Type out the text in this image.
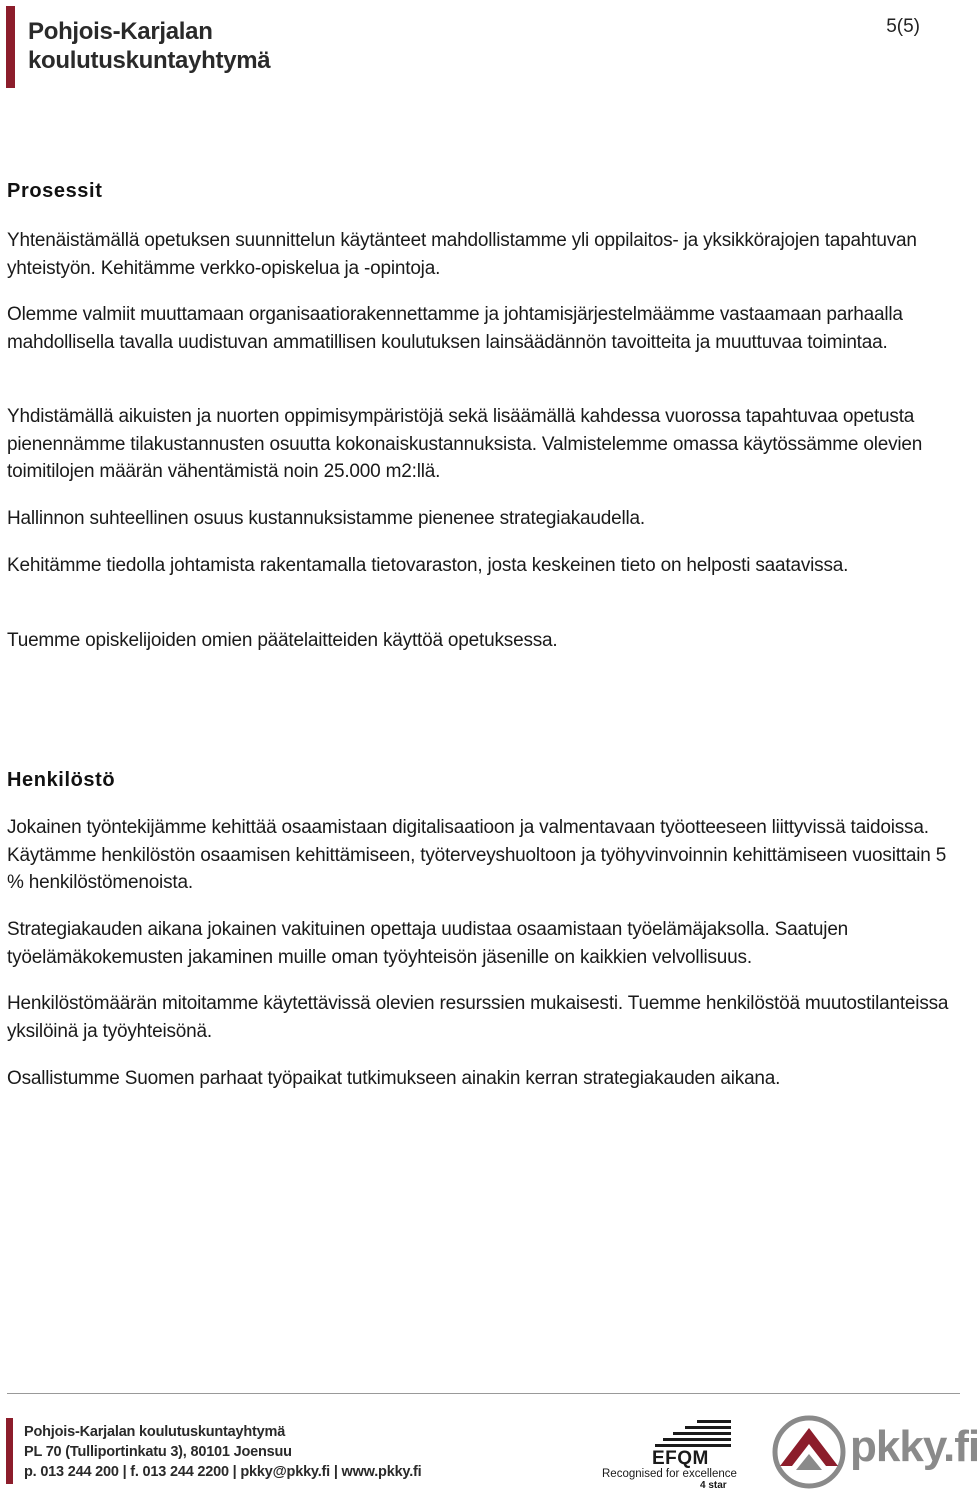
5(5)
Pohjois-Karjalan
koulutuskuntayhtymä
Prosessit

Yhtenäistämällä opetuksen suunnittelun käytänteet mahdollistamme yli oppilaitos- ja yksikkörajojen tapahtuvan yhteistyön. Kehitämme verkko-opiskelua ja -opintoja.

Olemme valmiit muuttamaan organisaatiorakennettamme ja johtamisjärjestelmäämme vastaamaan parhaalla mahdollisella tavalla uudistuvan ammatillisen koulutuksen lainsäädännön tavoitteita ja muuttuvaa toimintaa.

Yhdistämällä aikuisten ja nuorten oppimisympäristöjä sekä lisäämällä kahdessa vuorossa tapahtuvaa opetusta pienennämme tilakustannusten osuutta kokonaiskustannuksista. Valmistelemme omassa käytössämme olevien toimitilojen määrän vähentämistä noin 25.000 m2:llä.

Hallinnon suhteellinen osuus kustannuksistamme pienenee strategiakaudella.

Kehitämme tiedolla johtamista rakentamalla tietovaraston, josta keskeinen tieto on helposti saatavissa.

Tuemme opiskelijoiden omien päätelaitteiden käyttöä opetuksessa.

Henkilöstö

Jokainen työntekijämme kehittää osaamistaan digitalisaatioon ja valmentavaan työotteeseen liittyvissä taidoissa. Käytämme henkilöstön osaamisen kehittämiseen, työterveyshuoltoon ja työhyvinvoinnin kehittämiseen vuosittain 5 % henkilöstömenoista.

Strategiakauden aikana jokainen vakituinen opettaja uudistaa osaamistaan työelämäjaksolla. Saatujen työelämäkokemusten jakaminen muille oman työyhteisön jäsenille on kaikkien velvollisuus.

Henkilöstömäärän mitoitamme käytettävissä olevien resurssien mukaisesti. Tuemme henkilöstöä muutostilanteissa yksilöinä ja työyhteisönä.

Osallistumme Suomen parhaat työpaikat tutkimukseen ainakin kerran strategiakauden aikana.

Pohjois-Karjalan koulutuskuntayhtymä
PL 70 (Tulliportinkatu 3), 80101 Joensuu
p. 013 244 200 | f. 013 244 2200 | pkky@pkky.fi | www.pkky.fi
EFQM
Recognised for excellence
4 star
pkky.fi
